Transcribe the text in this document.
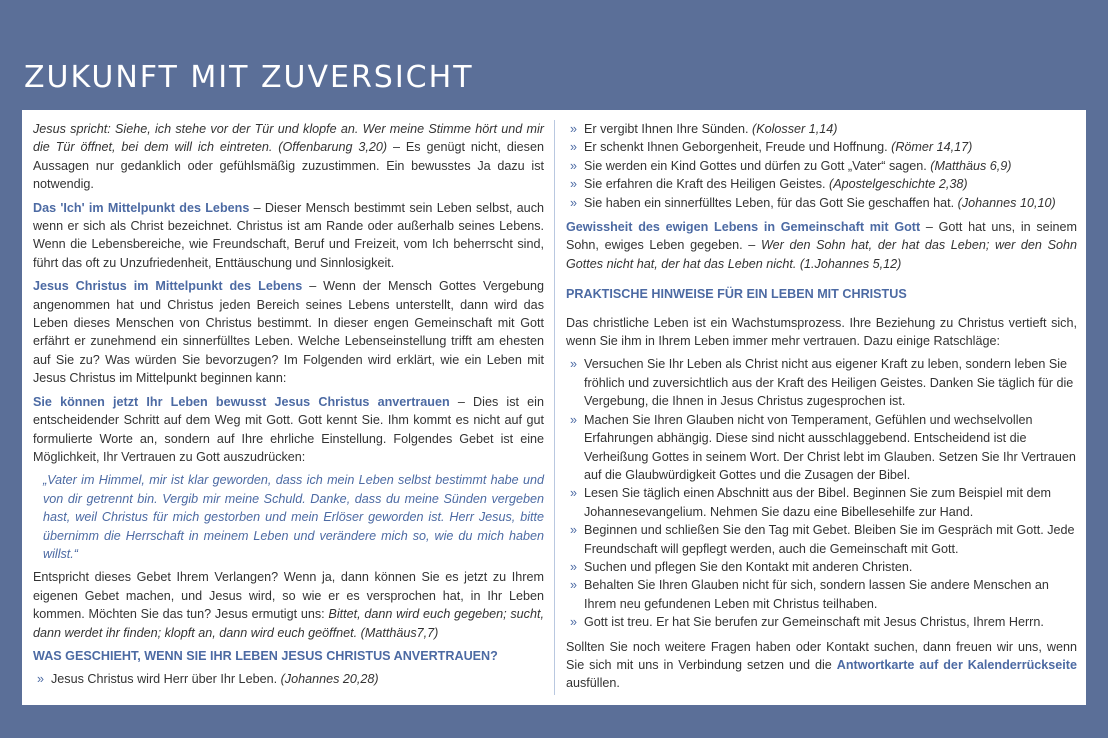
ZUKUNFT MIT ZUVERSICHT

Jesus spricht: Siehe, ich stehe vor der Tür und klopfe an. Wer meine Stimme hört und mir die Tür öffnet, bei dem will ich eintreten. (Offenbarung 3,20) – Es genügt nicht, diesen Aussagen nur gedanklich oder gefühlsmäßig zuzustimmen. Ein bewusstes Ja dazu ist notwendig.

Das 'Ich' im Mittelpunkt des Lebens – Dieser Mensch bestimmt sein Leben selbst, auch wenn er sich als Christ bezeichnet. Christus ist am Rande oder außerhalb seines Lebens. Wenn die Lebensbereiche, wie Freundschaft, Beruf und Freizeit, vom Ich beherrscht sind, führt das oft zu Unzufriedenheit, Enttäuschung und Sinnlosigkeit.

Jesus Christus im Mittelpunkt des Lebens – Wenn der Mensch Gottes Vergebung angenommen hat und Christus jeden Bereich seines Lebens unterstellt, dann wird das Leben dieses Menschen von Christus bestimmt. In dieser engen Gemeinschaft mit Gott erfährt er zunehmend ein sinnerfülltes Leben. Welche Lebenseinstellung trifft am ehesten auf Sie zu? Was würden Sie bevorzugen? Im Folgenden wird erklärt, wie ein Leben mit Jesus Christus im Mittelpunkt beginnen kann:

Sie können jetzt Ihr Leben bewusst Jesus Christus anvertrauen – Dies ist ein entscheidender Schritt auf dem Weg mit Gott. Gott kennt Sie. Ihm kommt es nicht auf gut formulierte Worte an, sondern auf Ihre ehrliche Einstellung. Folgendes Gebet ist eine Möglichkeit, Ihr Vertrauen zu Gott auszudrücken:

„Vater im Himmel, mir ist klar geworden, dass ich mein Leben selbst bestimmt habe und von dir getrennt bin. Vergib mir meine Schuld. Danke, dass du meine Sünden vergeben hast, weil Christus für mich gestorben und mein Erlöser geworden ist. Herr Jesus, bitte übernimm die Herrschaft in meinem Leben und verändere mich so, wie du mich haben willst.“

Entspricht dieses Gebet Ihrem Verlangen? Wenn ja, dann können Sie es jetzt zu Ihrem eigenen Gebet machen, und Jesus wird, so wie er es versprochen hat, in Ihr Leben kommen. Möchten Sie das tun? Jesus ermutigt uns: Bittet, dann wird euch gegeben; sucht, dann werdet ihr finden; klopft an, dann wird euch geöffnet. (Matthäus7,7)

WAS GESCHIEHT, WENN SIE IHR LEBEN JESUS CHRISTUS ANVERTRAUEN?
» Jesus Christus wird Herr über Ihr Leben. (Johannes 20,28)
» Er vergibt Ihnen Ihre Sünden. (Kolosser 1,14)
» Er schenkt Ihnen Geborgenheit, Freude und Hoffnung. (Römer 14,17)
» Sie werden ein Kind Gottes und dürfen zu Gott „Vater“ sagen. (Matthäus 6,9)
» Sie erfahren die Kraft des Heiligen Geistes. (Apostelgeschichte 2,38)
» Sie haben ein sinnerfülltes Leben, für das Gott Sie geschaffen hat. (Johannes 10,10)

Gewissheit des ewigen Lebens in Gemeinschaft mit Gott – Gott hat uns, in seinem Sohn, ewiges Leben gegeben. – Wer den Sohn hat, der hat das Leben; wer den Sohn Gottes nicht hat, der hat das Leben nicht. (1.Johannes 5,12)

PRAKTISCHE HINWEISE FÜR EIN LEBEN MIT CHRISTUS

Das christliche Leben ist ein Wachstumsprozess. Ihre Beziehung zu Christus vertieft sich, wenn Sie ihm in Ihrem Leben immer mehr vertrauen. Dazu einige Ratschläge:

» Versuchen Sie Ihr Leben als Christ nicht aus eigener Kraft zu leben, sondern leben Sie fröhlich und zuversichtlich aus der Kraft des Heiligen Geistes. Danken Sie täglich für die Vergebung, die Ihnen in Jesus Christus zugesprochen ist.
» Machen Sie Ihren Glauben nicht von Temperament, Gefühlen und wechselvollen Erfahrungen abhängig. Diese sind nicht ausschlaggebend. Entscheidend ist die Verheißung Gottes in seinem Wort. Der Christ lebt im Glauben. Setzen Sie Ihr Vertrauen auf die Glaubwürdigkeit Gottes und die Zusagen der Bibel.
» Lesen Sie täglich einen Abschnitt aus der Bibel. Beginnen Sie zum Beispiel mit dem Johannesevangelium. Nehmen Sie dazu eine Bibellesehilfe zur Hand.
» Beginnen und schließen Sie den Tag mit Gebet. Bleiben Sie im Gespräch mit Gott. Jede Freundschaft will gepflegt werden, auch die Gemeinschaft mit Gott.
» Suchen und pflegen Sie den Kontakt mit anderen Christen.
» Behalten Sie Ihren Glauben nicht für sich, sondern lassen Sie andere Menschen an Ihrem neu gefundenen Leben mit Christus teilhaben.
» Gott ist treu. Er hat Sie berufen zur Gemeinschaft mit Jesus Christus, Ihrem Herrn.

Sollten Sie noch weitere Fragen haben oder Kontakt suchen, dann freuen wir uns, wenn Sie sich mit uns in Verbindung setzen und die Antwortkarte auf der Kalenderrückseite ausfüllen.
